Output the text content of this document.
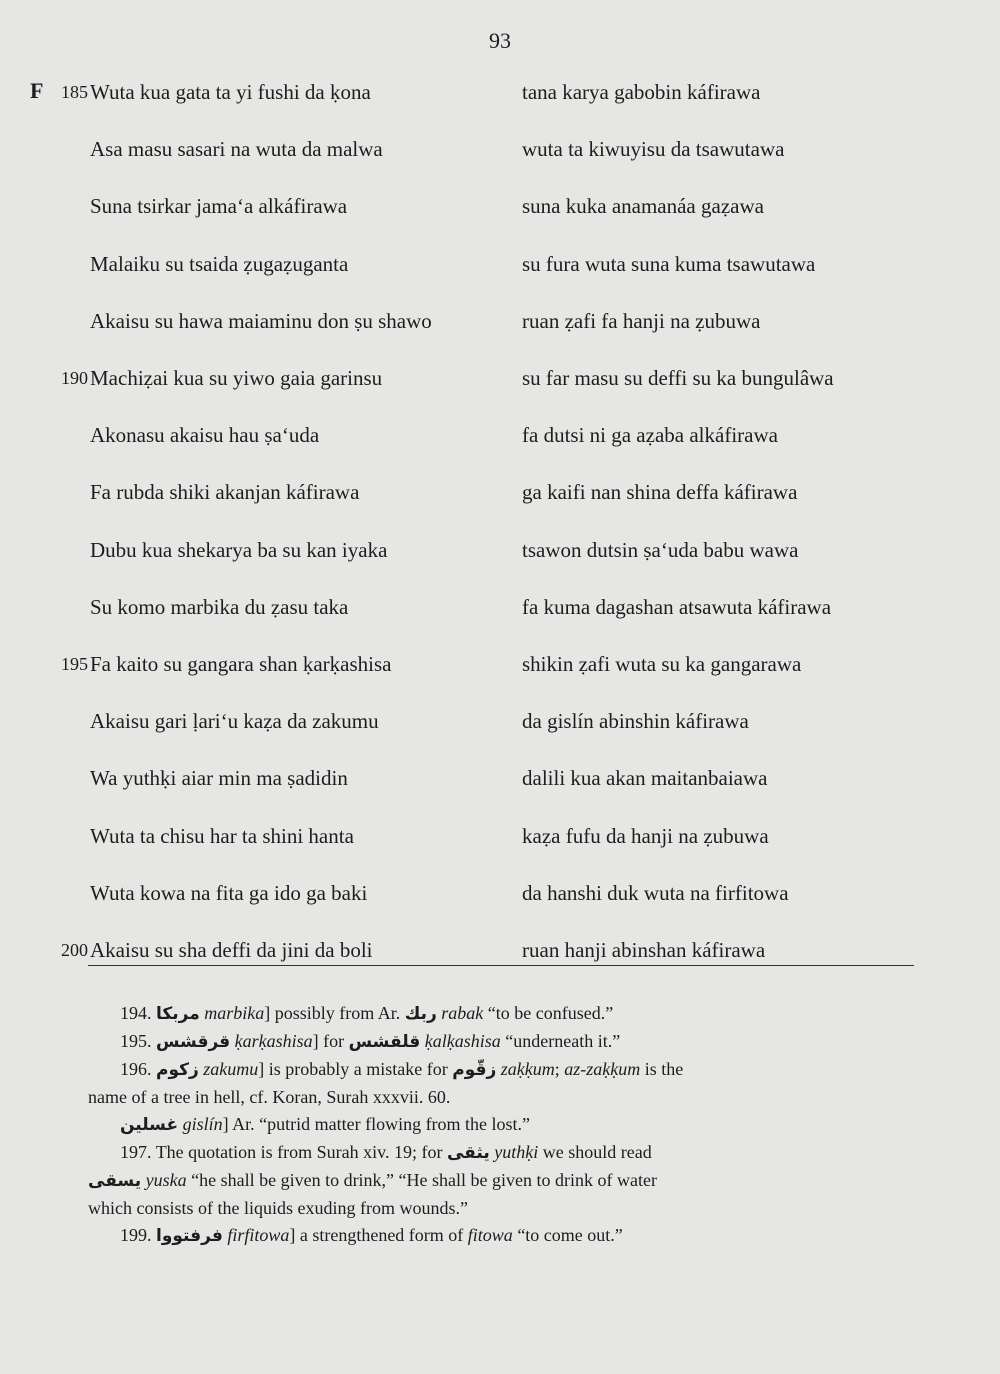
93
F

194. مربكا marbika] possibly from Ar. ربك rabak “to be confused.”

195. قرقشس ḳarḳashisa] for قلقشس ḳalḳashisa “underneath it.”

196. زكوم zakumu] is probably a mistake for زقّوم zaḳḳum; az-zaḳḳum is the

name of a tree in hell, cf. Koran, Surah xxxvii. 60.

غسلين gislín] Ar. “putrid matter flowing from the lost.”

197. The quotation is from Surah xiv. 19; for يثقى yuthḳi we should read

يسقى yuska “he shall be given to drink,” “He shall be given to drink of water

which consists of the liquids exuding from wounds.”

199. فرفتووا firfitowa] a strengthened form of fitowa “to come out.”

185 Wuta kua gata ta yi fushi da ḳona	tana karya gabobin káfirawa
Asa masu sasari na wuta da malwa	wuta ta kiwuyisu da tsawutawa
Suna tsirkar jamaʻa alkáfirawa	suna kuka anamanáa gaẓawa
Malaiku su tsaida ẓugaẓuganta	su fura wuta suna kuma tsawutawa
Akaisu su hawa maiaminu don ṣu shawo	ruan ẓafi fa hanji na ẓubuwa
190 Machiẓai kua su yiwo gaia garinsu	su far masu su deffi su ka bungulâwa
Akonasu akaisu hau ṣaʻuda	fa dutsi ni ga aẓaba alkáfirawa
Fa rubda shiki akanjan káfirawa	ga kaifi nan shina deffa káfirawa
Dubu kua shekarya ba su kan iyaka	tsawon dutsin ṣaʻuda babu wawa
Su komo marbika du ẓasu taka	fa kuma dagashan atsawuta káfirawa
195 Fa kaito su gangara shan ḳarḳashisa	shikin ẓafi wuta su ka gangarawa
Akaisu gari ḷariʻu kaẓa da zakumu	da gislín abinshin káfirawa
Wa yuthḳi aiar min ma ṣadidin	dalili kua akan maitanbaiawa
Wuta ta chisu har ta shini hanta	kaẓa fufu da hanji na ẓubuwa
Wuta kowa na fita ga ido ga baki	da hanshi duk wuta na firfitowa
200 Akaisu su sha deffi da jini da boli	ruan hanji abinshan káfirawa
